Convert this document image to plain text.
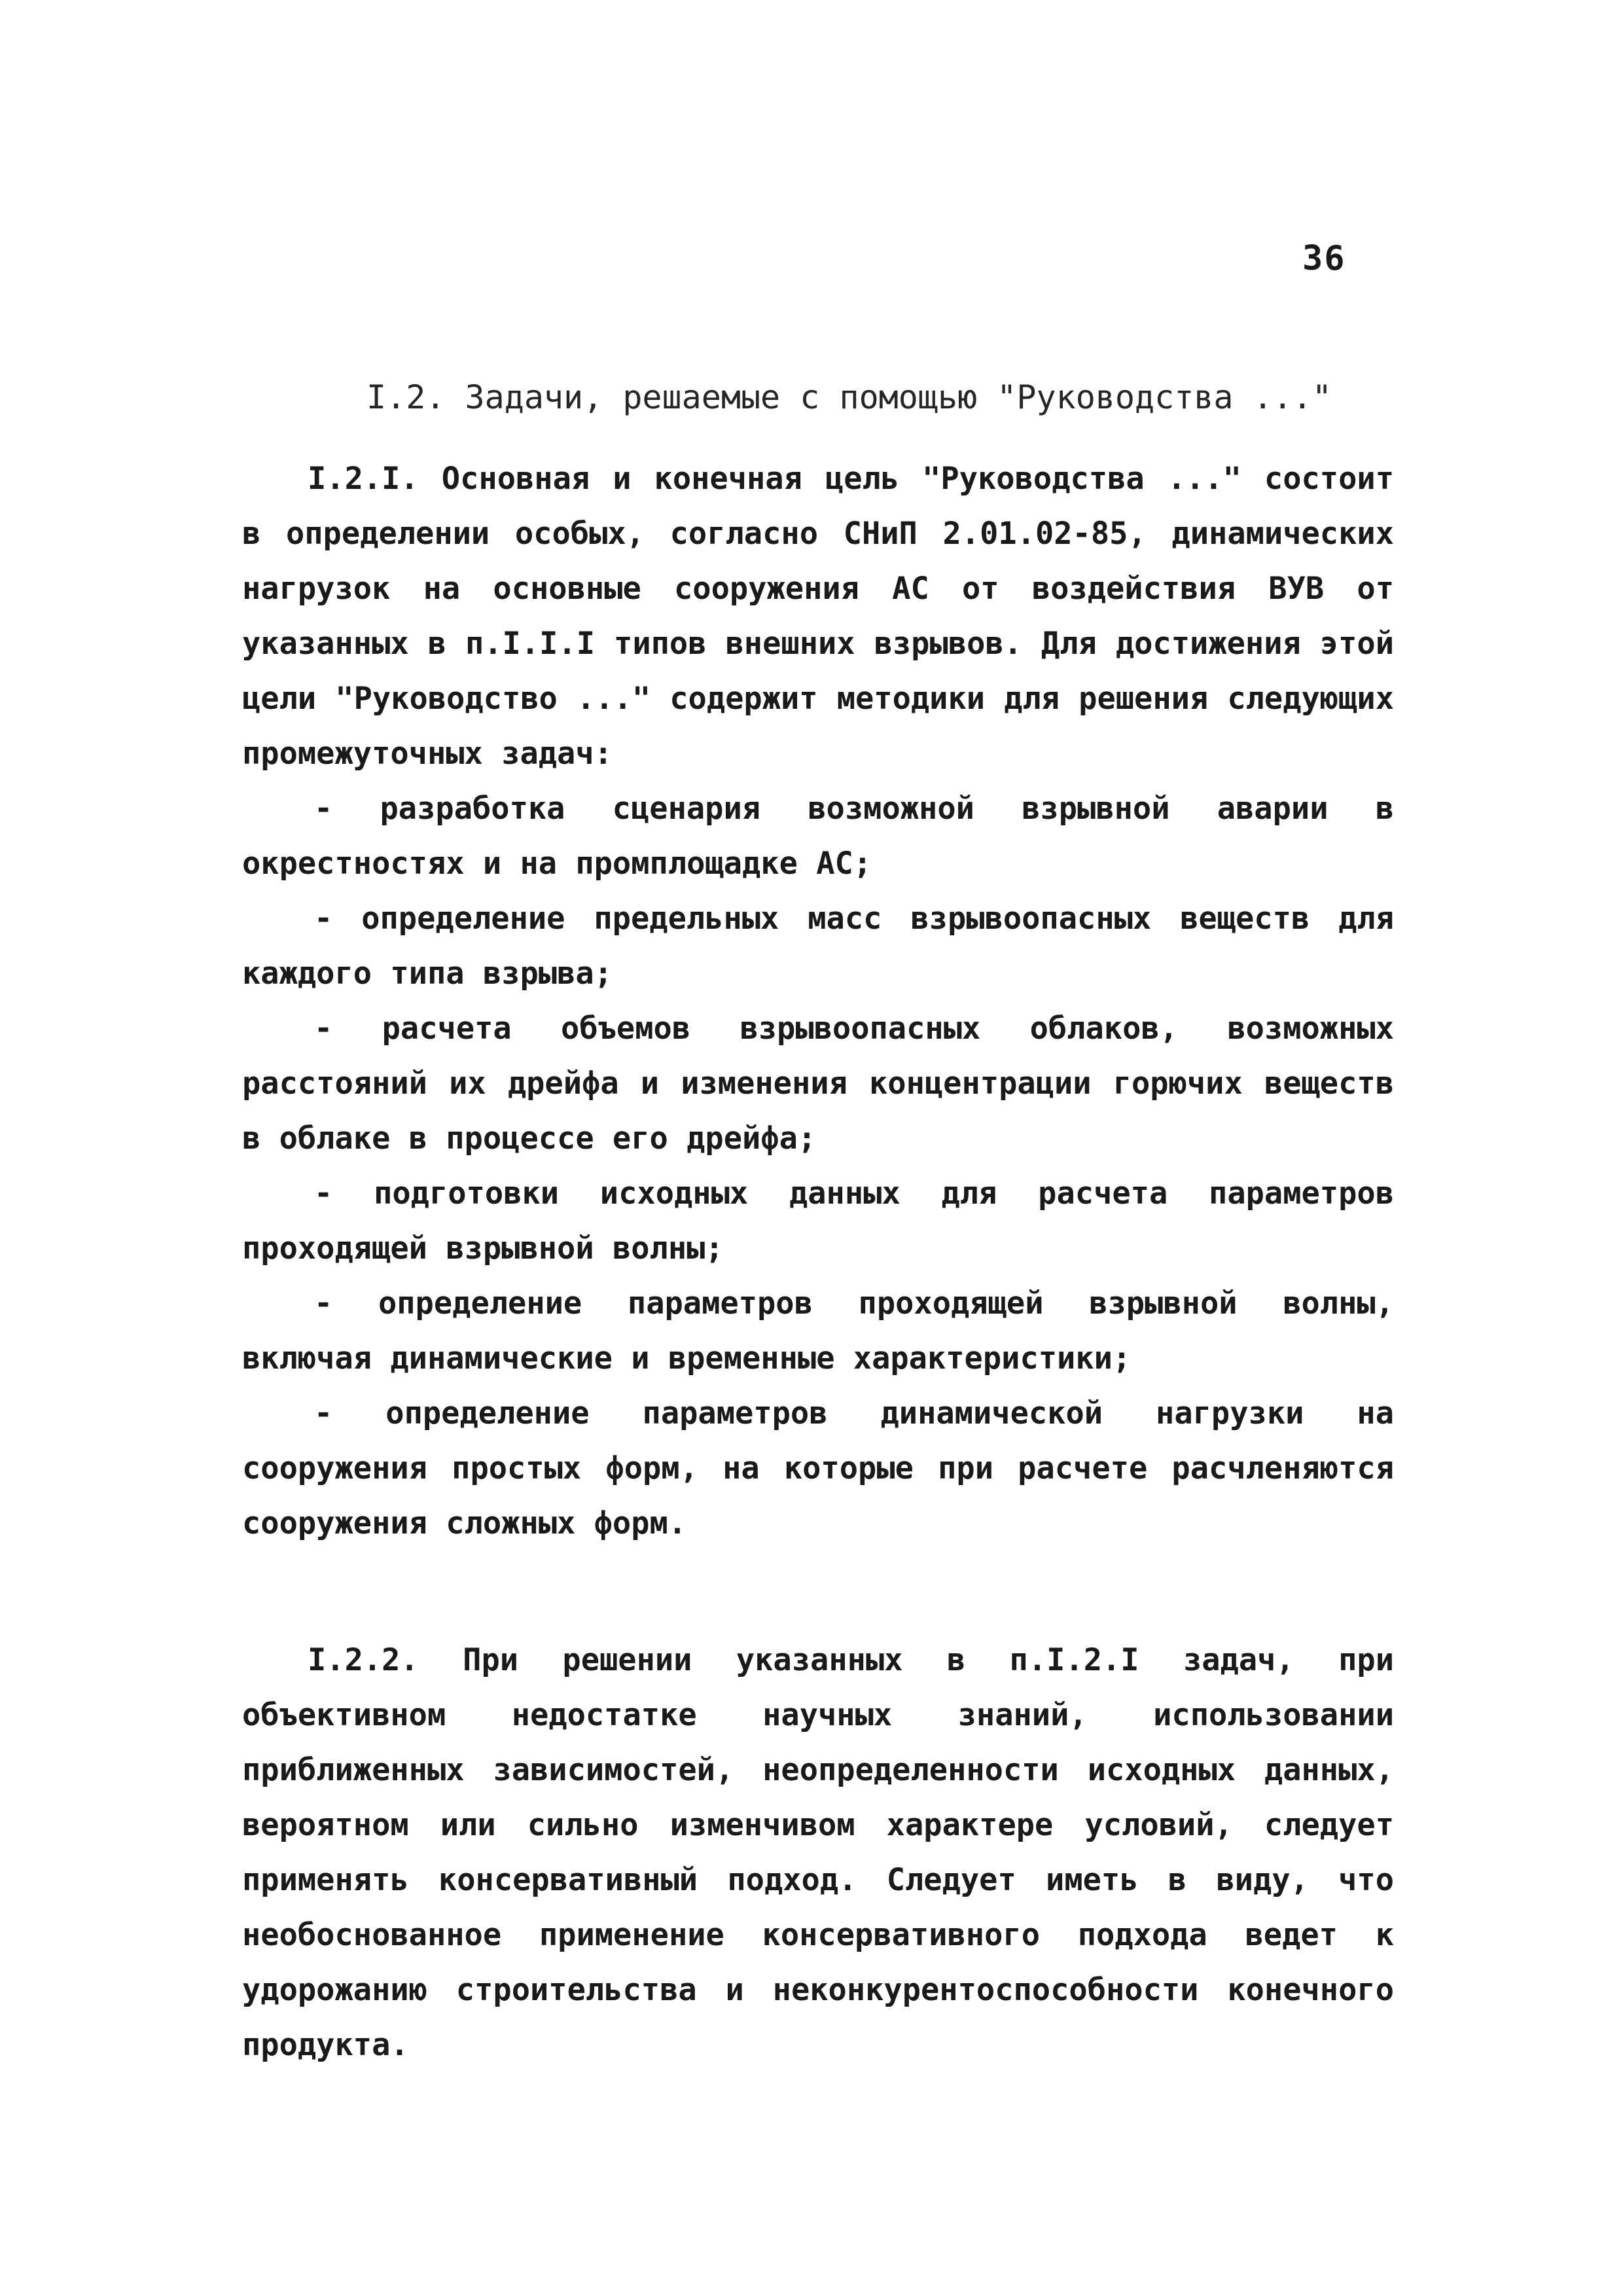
36
I.2. Задачи, решаемые с помощью "Руководства ..."

I.2.I. Основная и конечная цель "Руководства ..." состоит в определении особых, согласно СНиП 2.01.02-85, динамических нагрузок на основные сооружения АС от воздействия ВУВ от указанных в п.I.I.I типов внешних взрывов. Для достижения этой цели "Руководство ..." содержит методики для решения следующих промежуточных задач:

- разработка сценария возможной взрывной аварии в окрестностях и на промплощадке АС;

- определение предельных масс взрывоопасных веществ для каждого типа взрыва;

- расчета объемов взрывоопасных облаков, возможных расстояний их дрейфа и изменения концентрации горючих веществ в облаке в процессе его дрейфа;

- подготовки исходных данных для расчета параметров проходящей взрывной волны;

- определение параметров проходящей взрывной волны, включая динамические и временные характеристики;

- определение параметров динамической нагрузки на сооружения простых форм, на которые при расчете расчленяются сооружения сложных форм.

I.2.2. При решении указанных в п.I.2.I задач, при объективном недостатке научных знаний, использовании приближенных зависимостей, неопределенности исходных данных, вероятном или сильно изменчивом характере условий, следует применять консервативный подход. Следует иметь в виду, что необоснованное применение консервативного подхода ведет к удорожанию строительства и неконкурентоспособности конечного продукта.
